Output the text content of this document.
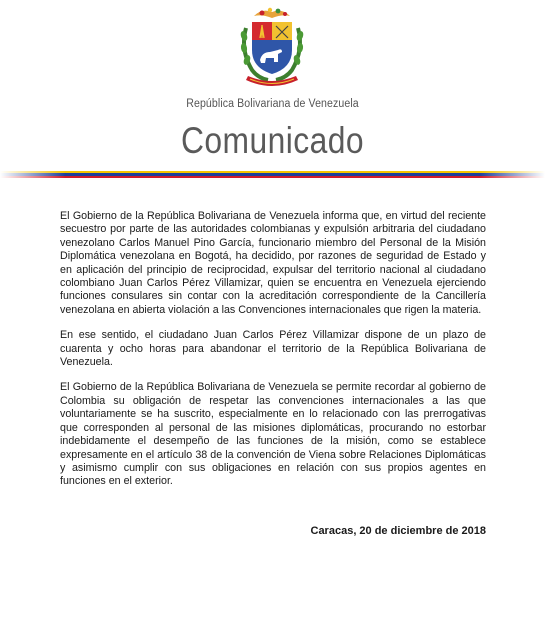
República Bolivariana de Venezuela
Comunicado

El Gobierno de la República Bolivariana de Venezuela informa que, en virtud del reciente secuestro por parte de las autoridades colombianas y expulsión arbitraria del ciudadano venezolano Carlos Manuel Pino García, funcionario miembro del Personal de la Misión Diplomática venezolana en Bogotá, ha decidido, por razones de seguridad de Estado y en aplicación del principio de reciprocidad, expulsar del territorio nacional al ciudadano colombiano Juan Carlos Pérez Villamizar, quien se encuentra en Venezuela ejerciendo funciones consulares sin contar con la acreditación correspondiente de la Cancillería venezolana en abierta violación a las Convenciones internacionales que rigen la materia.

En ese sentido, el ciudadano Juan Carlos Pérez Villamizar dispone de un plazo de cuarenta y ocho horas para abandonar el territorio de la República Bolivariana de Venezuela.

El Gobierno de la República Bolivariana de Venezuela se permite recordar al gobierno de Colombia su obligación de respetar las convenciones internacionales a las que voluntariamente se ha suscrito, especialmente en lo relacionado con las prerrogativas que corresponden al personal de las misiones diplomáticas, procurando no estorbar indebidamente el desempeño de las funciones de la misión, como se establece expresamente en el artículo 38 de la convención de Viena sobre Relaciones Diplomáticas y asimismo cumplir con sus obligaciones en relación con sus propios agentes en funciones en el exterior.

Caracas, 20 de diciembre de 2018
